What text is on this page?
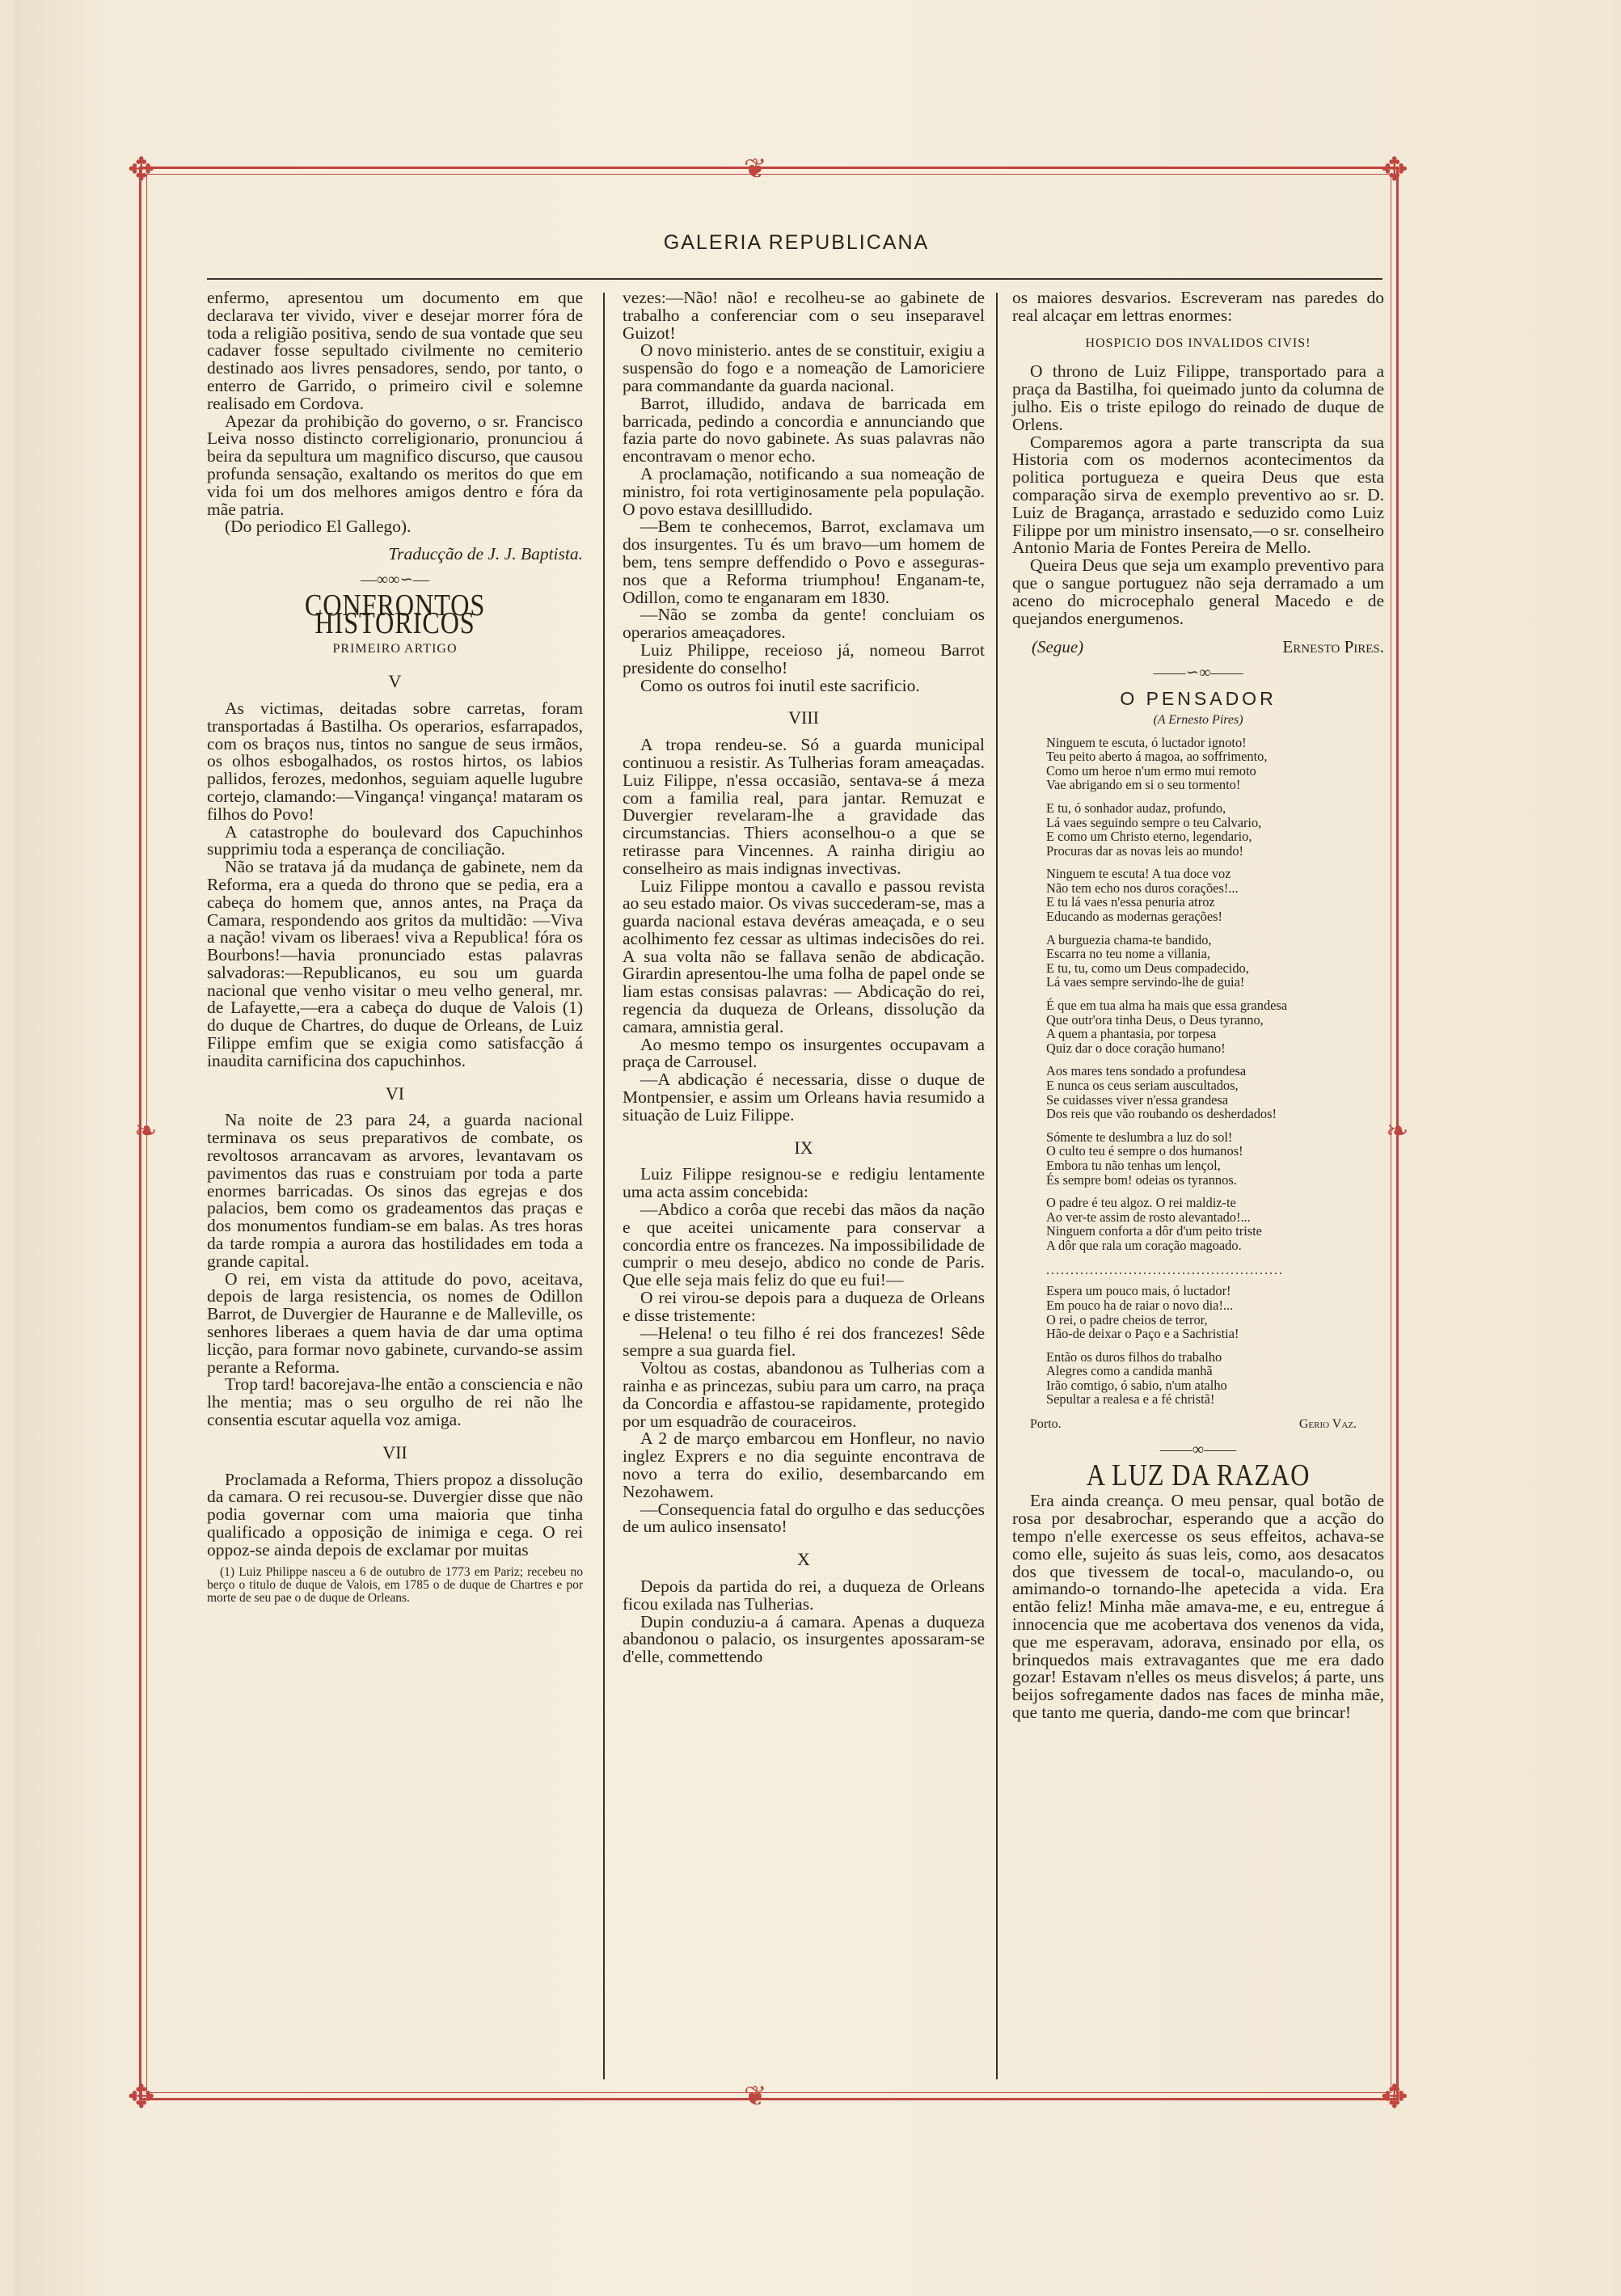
✥	✥
✥	✥
❦
❦
❧	❧
GALERIA REPUBLICANA

enfermo, apresentou um documento em que declarava ter vivido, viver e desejar morrer fóra de toda a religião positiva, sendo de sua vontade que seu cadaver fosse sepultado civilmente no cemiterio destinado aos livres pensadores, sendo, por tanto, o enterro de Garrido, o primeiro civil e solemne realisado em Cordova.

Apezar da prohibição do governo, o sr. Francisco Leiva nosso distincto correligionario, pronunciou á beira da sepultura um magnifico discurso, que causou profunda sensação, exaltando os meritos do que em vida foi um dos melhores amigos dentro e fóra da mãe patria.

(Do periodico El Gallego).

Traducção de J. J. Baptista.
—∞∞∽—
CONFRONTOS HISTORICOS
PRIMEIRO ARTIGO
V

As victimas, deitadas sobre carretas, foram transportadas á Bastilha. Os operarios, esfarrapados, com os braços nus, tintos no sangue de seus irmãos, os olhos esbogalhados, os rostos hirtos, os labios pallidos, ferozes, medonhos, seguiam aquelle lugubre cortejo, clamando:—Vingança! vingança! mataram os filhos do Povo!

A catastrophe do boulevard dos Capuchinhos supprimiu toda a esperança de conciliação.

Não se tratava já da mudança de gabinete, nem da Reforma, era a queda do throno que se pedia, era a cabeça do homem que, annos antes, na Praça da Camara, respondendo aos gritos da multidão: —Viva a nação! vivam os liberaes! viva a Republica! fóra os Bourbons!—havia pronunciado estas palavras salvadoras:—Republicanos, eu sou um guarda nacional que venho visitar o meu velho general, mr. de Lafayette,—era a cabeça do duque de Valois (1) do duque de Chartres, do duque de Orleans, de Luiz Filippe emfim que se exigia como satisfacção á inaudita carnificina dos capuchinhos.

VI

Na noite de 23 para 24, a guarda nacional terminava os seus preparativos de combate, os revoltosos arrancavam as arvores, levantavam os pavimentos das ruas e construiam por toda a parte enormes barricadas. Os sinos das egrejas e dos palacios, bem como os gradeamentos das praças e dos monumentos fundiam-se em balas. As tres horas da tarde rompia a aurora das hostilidades em toda a grande capital.

O rei, em vista da attitude do povo, aceitava, depois de larga resistencia, os nomes de Odillon Barrot, de Duvergier de Hauranne e de Malleville, os senhores liberaes a quem havia de dar uma optima licção, para formar novo gabinete, curvando-se assim perante a Reforma.

Trop tard! bacorejava-lhe então a consciencia e não lhe mentia; mas o seu orgulho de rei não lhe consentia escutar aquella voz amiga.

VII

Proclamada a Reforma, Thiers propoz a dissolução da camara. O rei recusou-se. Duvergier disse que não podia governar com uma maioria que tinha qualificado a opposição de inimiga e cega. O rei oppoz-se ainda depois de exclamar por muitas

(1) Luiz Philippe nasceu a 6 de outubro de 1773 em Pariz; recebeu no berço o titulo de duque de Valois, em 1785 o de duque de Chartres e por morte de seu pae o de duque de Orleans.

vezes:—Não! não! e recolheu-se ao gabinete de trabalho a conferenciar com o seu inseparavel Guizot!

O novo ministerio. antes de se constituir, exigiu a suspensão do fogo e a nomeação de Lamoriciere para commandante da guarda nacional.

Barrot, illudido, andava de barricada em barricada, pedindo a concordia e annunciando que fazia parte do novo gabinete. As suas palavras não encontravam o menor echo.

A proclamação, notificando a sua nomeação de ministro, foi rota vertiginosamente pela população. O povo estava desillludido.

—Bem te conhecemos, Barrot, exclamava um dos insurgentes. Tu és um bravo—um homem de bem, tens sempre deffendido o Povo e asseguras-nos que a Reforma triumphou! Enganam-te, Odillon, como te enganaram em 1830.

—Não se zomba da gente! concluiam os operarios ameaçadores.

Luiz Philippe, receioso já, nomeou Barrot presidente do conselho!

Como os outros foi inutil este sacrificio.

VIII

A tropa rendeu-se. Só a guarda municipal continuou a resistir. As Tulherias foram ameaçadas. Luiz Filippe, n'essa occasião, sentava-se á meza com a familia real, para jantar. Remuzat e Duvergier revelaram-lhe a gravidade das circumstancias. Thiers aconselhou-o a que se retirasse para Vincennes. A rainha dirigiu ao conselheiro as mais indignas invectivas.

Luiz Filippe montou a cavallo e passou revista ao seu estado maior. Os vivas succederam-se, mas a guarda nacional estava devéras ameaçada, e o seu acolhimento fez cessar as ultimas indecisões do rei. A sua volta não se fallava senão de abdicação. Girardin apresentou-lhe uma folha de papel onde se liam estas consisas palavras: — Abdicação do rei, regencia da duqueza de Orleans, dissolução da camara, amnistia geral.

Ao mesmo tempo os insurgentes occupavam a praça de Carrousel.

—A abdicação é necessaria, disse o duque de Montpensier, e assim um Orleans havia resumido a situação de Luiz Filippe.

IX

Luiz Filippe resignou-se e redigiu lentamente uma acta assim concebida:

—Abdico a corôa que recebi das mãos da nação e que aceitei unicamente para conservar a concordia entre os francezes. Na impossibilidade de cumprir o meu desejo, abdico no conde de Paris. Que elle seja mais feliz do que eu fui!—

O rei virou-se depois para a duqueza de Orleans e disse tristemente:

—Helena! o teu filho é rei dos francezes! Sêde sempre a sua guarda fiel.

Voltou as costas, abandonou as Tulherias com a rainha e as princezas, subiu para um carro, na praça da Concordia e affastou-se rapidamente, protegido por um esquadrão de couraceiros.

A 2 de março embarcou em Honfleur, no navio inglez Exprers e no dia seguinte encontrava de novo a terra do exilio, desembarcando em Nezohawem.

—Consequencia fatal do orgulho e das seducções de um aulico insensato!

X

Depois da partida do rei, a duqueza de Orleans ficou exilada nas Tulherias.

Dupin conduziu-a á camara. Apenas a duqueza abandonou o palacio, os insurgentes apossaram-se d'elle, commettendo

os maiores desvarios. Escreveram nas paredes do real alcaçar em lettras enormes:

HOSPICIO DOS INVALIDOS CIVIS!

O throno de Luiz Filippe, transportado para a praça da Bastilha, foi queimado junto da columna de julho. Eis o triste epilogo do reinado de duque de Orlens.

Comparemos agora a parte transcripta da sua Historia com os modernos acontecimentos da politica portugueza e queira Deus que esta comparação sirva de exemplo preventivo ao sr. D. Luiz de Bragança, arrastado e seduzido como Luiz Filippe por um ministro insensato,—o sr. conselheiro Antonio Maria de Fontes Pereira de Mello.

Queira Deus que seja um examplo preventivo para que o sangue portuguez não seja derramado a um aceno do microcephalo general Macedo e de quejandos energumenos.

(Segue)	Ernesto Pires.
——∽∞——
O PENSADOR
(A Ernesto Pires)
Ninguem te escuta, ó luctador ignoto!
Teu peito aberto á magoa, ao soffrimento,
Como um heroe n'um ermo mui remoto
Vae abrigando em si o seu tormento!
E tu, ó sonhador audaz, profundo,
Lá vaes seguindo sempre o teu Calvario,
E como um Christo eterno, legendario,
Procuras dar as novas leis ao mundo!
Ninguem te escuta! A tua doce voz
Não tem echo nos duros corações!...
E tu lá vaes n'essa penuria atroz
Educando as modernas gerações!
A burguezia chama-te bandido,
Escarra no teu nome a villania,
E tu, tu, como um Deus compadecido,
Lá vaes sempre servindo-lhe de guia!
É que em tua alma ha mais que essa grandesa
Que outr'ora tinha Deus, o Deus tyranno,
A quem a phantasia, por torpesa
Quiz dar o doce coração humano!
Aos mares tens sondado a profundesa
E nunca os ceus seriam auscultados,
Se cuidasses viver n'essa grandesa
Dos reis que vão roubando os desherdados!
Sómente te deslumbra a luz do sol!
O culto teu é sempre o dos humanos!
Embora tu não tenhas um lençol,
És sempre bom! odeias os tyrannos.
O padre é teu algoz. O rei maldiz-te
Ao ver-te assim de rosto alevantado!...
Ninguem conforta a dôr d'um peito triste
A dôr que rala um coração magoado.
.................................................
Espera um pouco mais, ó luctador!
Em pouco ha de raiar o novo dia!...
O rei, o padre cheios de terror,
Hão-de deixar o Paço e a Sachristia!
Então os duros filhos do trabalho
Alegres como a candida manhã
Irão comtigo, ó sabio, n'um atalho
Sepultar a realesa e a fé christã!
Porto.	Gerio Vaz.
——∞——
A LUZ DA RAZAO

Era ainda creança. O meu pensar, qual botão de rosa por desabrochar, esperando que a acção do tempo n'elle exercesse os seus effeitos, achava-se como elle, sujeito ás suas leis, como, aos desacatos dos que tivessem de tocal-o, maculando-o, ou amimando-o tornando-lhe apetecida a vida. Era então feliz! Minha mãe amava-me, e eu, entregue á innocencia que me acobertava dos venenos da vida, que me esperavam, adorava, ensinado por ella, os brinquedos mais extravagantes que me era dado gozar! Estavam n'elles os meus disvelos; á parte, uns beijos sofregamente dados nas faces de minha mãe, que tanto me queria, dando-me com que brincar!
